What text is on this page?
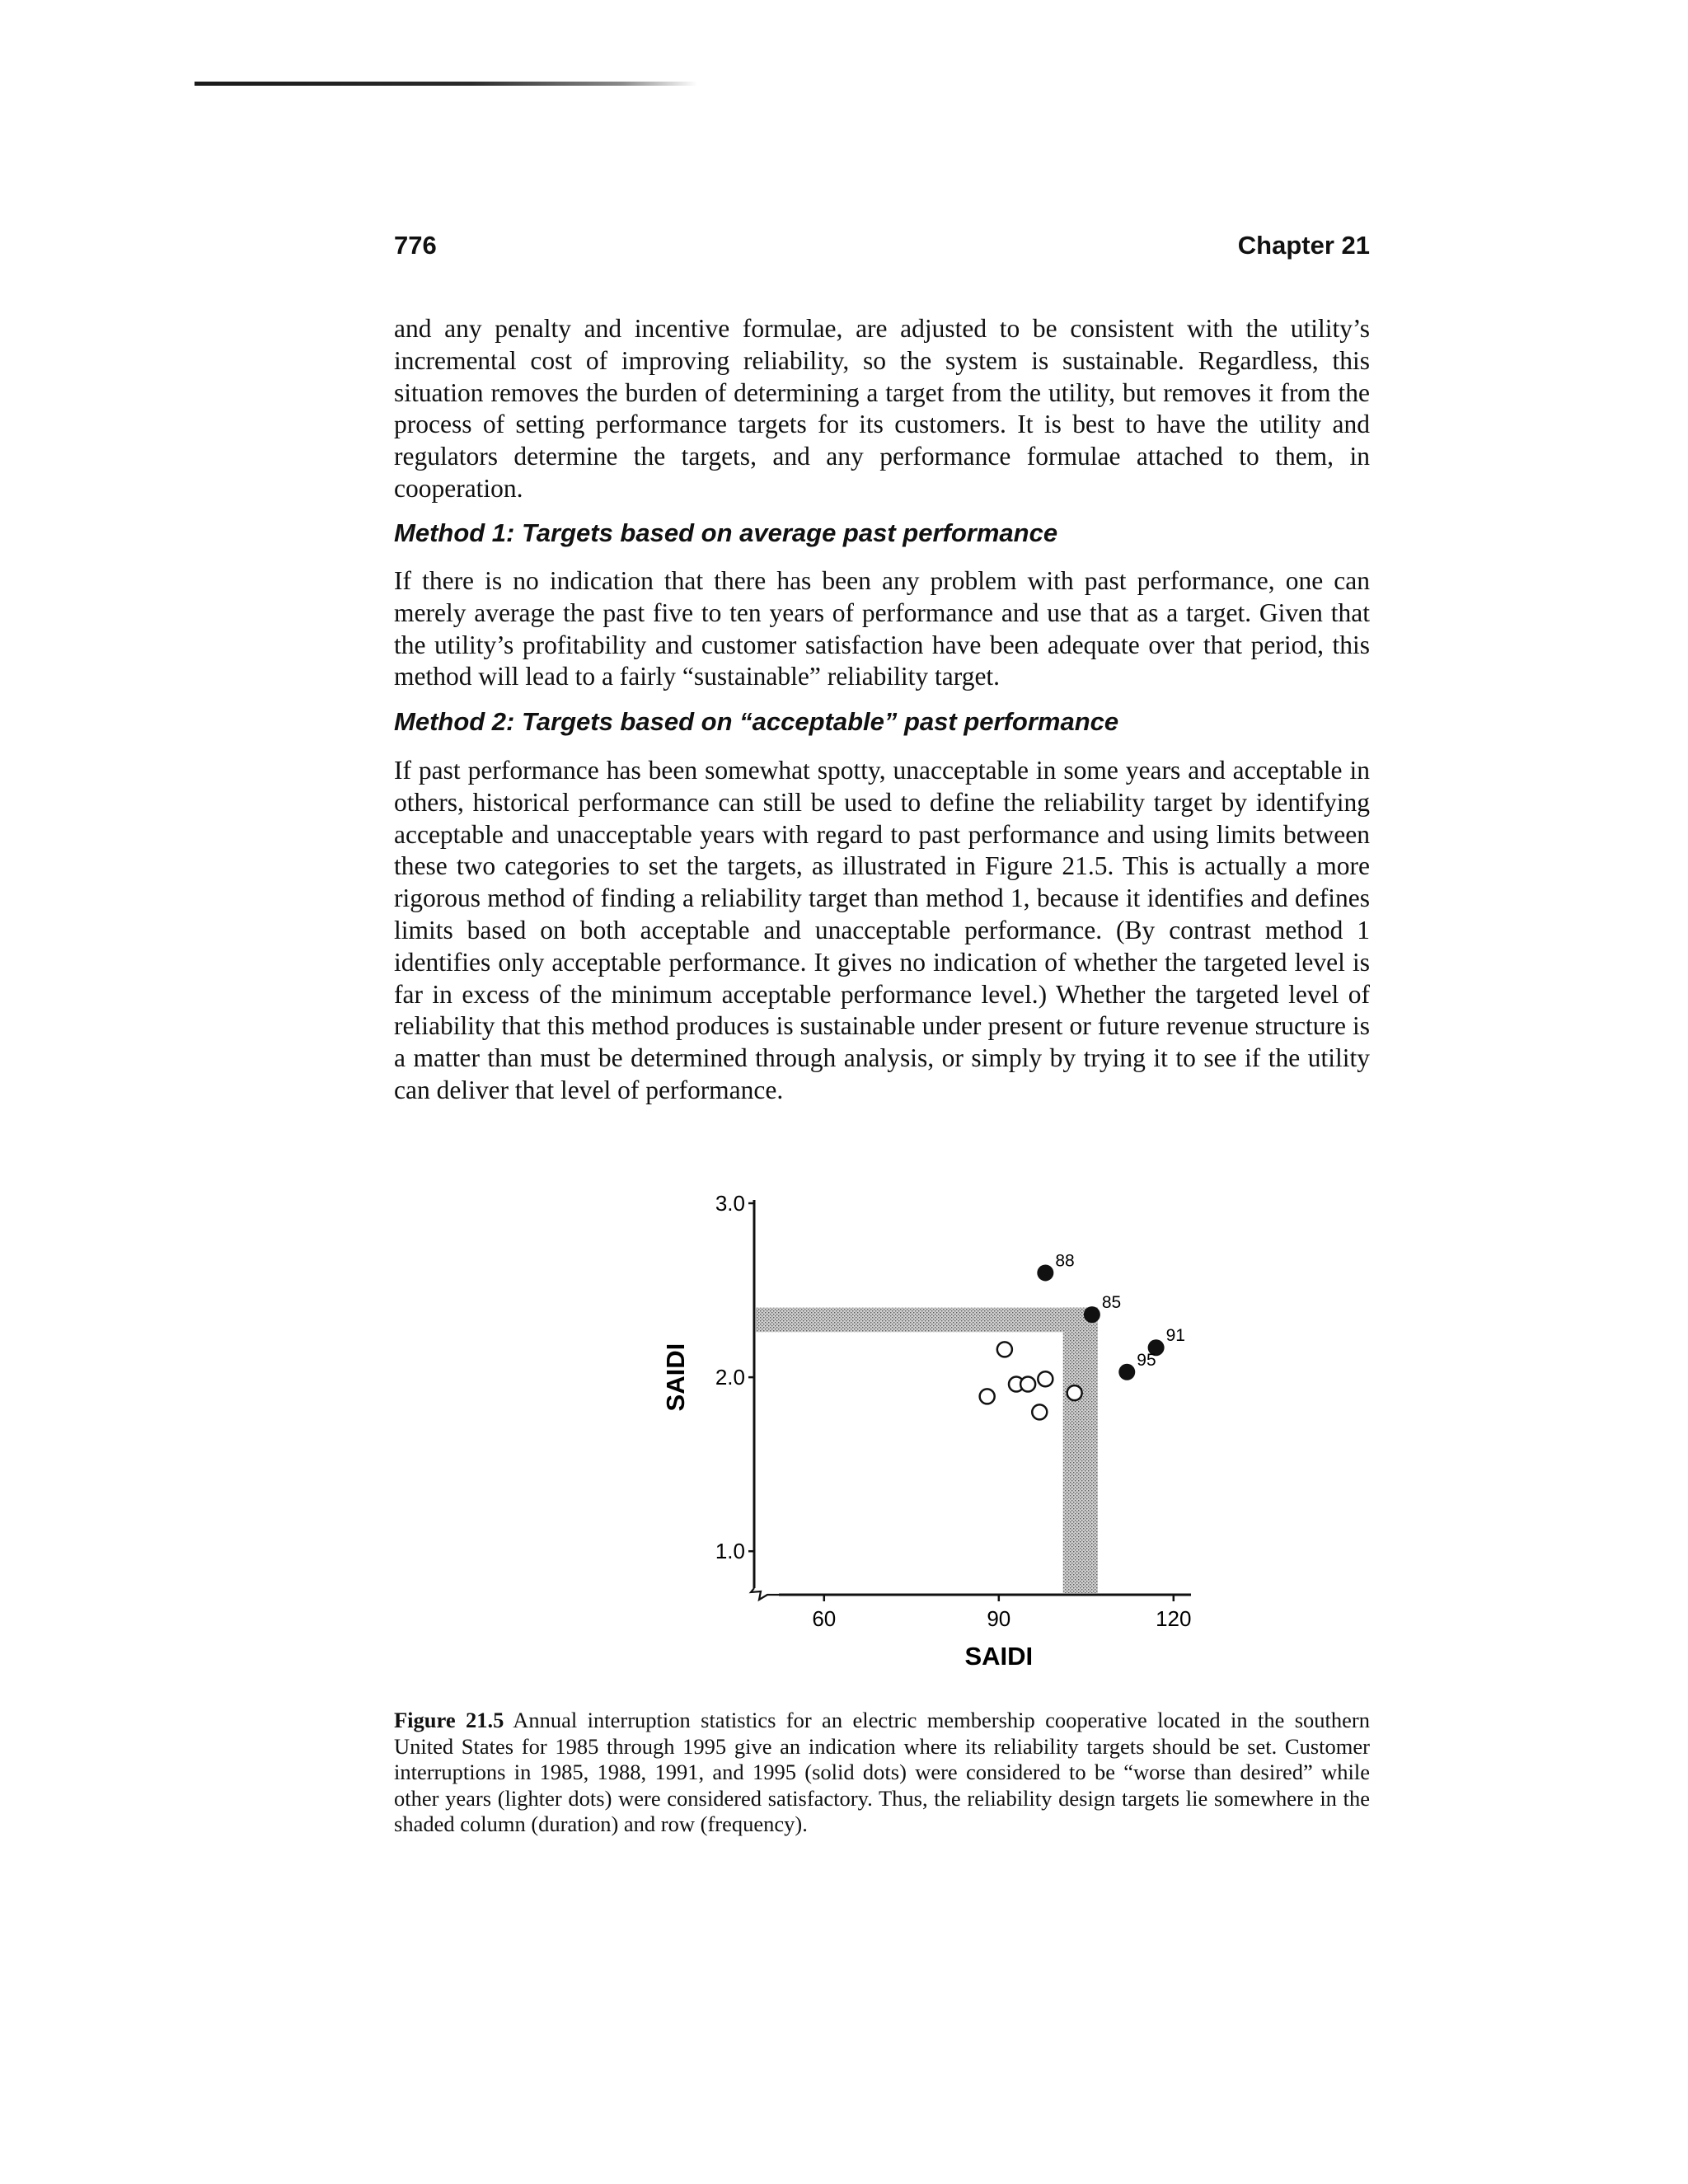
776	Chapter 21

and any penalty and incentive formulae, are adjusted to be consistent with the utility’s incremental cost of improving reliability, so the system is sustainable. Regardless, this situation removes the burden of determining a target from the utility, but removes it from the process of setting performance targets for its customers. It is best to have the utility and regulators determine the targets, and any performance formulae attached to them, in cooperation.

Method 1: Targets based on average past performance

If there is no indication that there has been any problem with past performance, one can merely average the past five to ten years of performance and use that as a target. Given that the utility’s profitability and customer satisfaction have been adequate over that period, this method will lead to a fairly “sustainable” reliability target.

Method 2: Targets based on “acceptable” past performance

If past performance has been somewhat spotty, unacceptable in some years and acceptable in others, historical performance can still be used to define the reliability target by identifying acceptable and unacceptable years with regard to past performance and using limits between these two categories to set the targets, as illustrated in Figure 21.5. This is actually a more rigorous method of finding a reliability target than method 1, because it identifies and defines limits based on both acceptable and unacceptable performance. (By contrast method 1 identifies only acceptable performance. It gives no indication of whether the targeted level is far in excess of the minimum acceptable performance level.) Whether the targeted level of reliability that this method produces is sustainable under present or future revenue structure is a matter than must be determined through analysis, or simply by trying it to see if the utility can deliver that level of performance.

3.0
2.0
1.0
60	90	120
SAIDI
SAIDI
88
85
91
95

Figure 21.5 Annual interruption statistics for an electric membership cooperative located in the southern United States for 1985 through 1995 give an indication where its reliability targets should be set. Customer interruptions in 1985, 1988, 1991, and 1995 (solid dots) were considered to be “worse than desired” while other years (lighter dots) were considered satisfactory. Thus, the reliability design targets lie somewhere in the shaded column (duration) and row (frequency).
